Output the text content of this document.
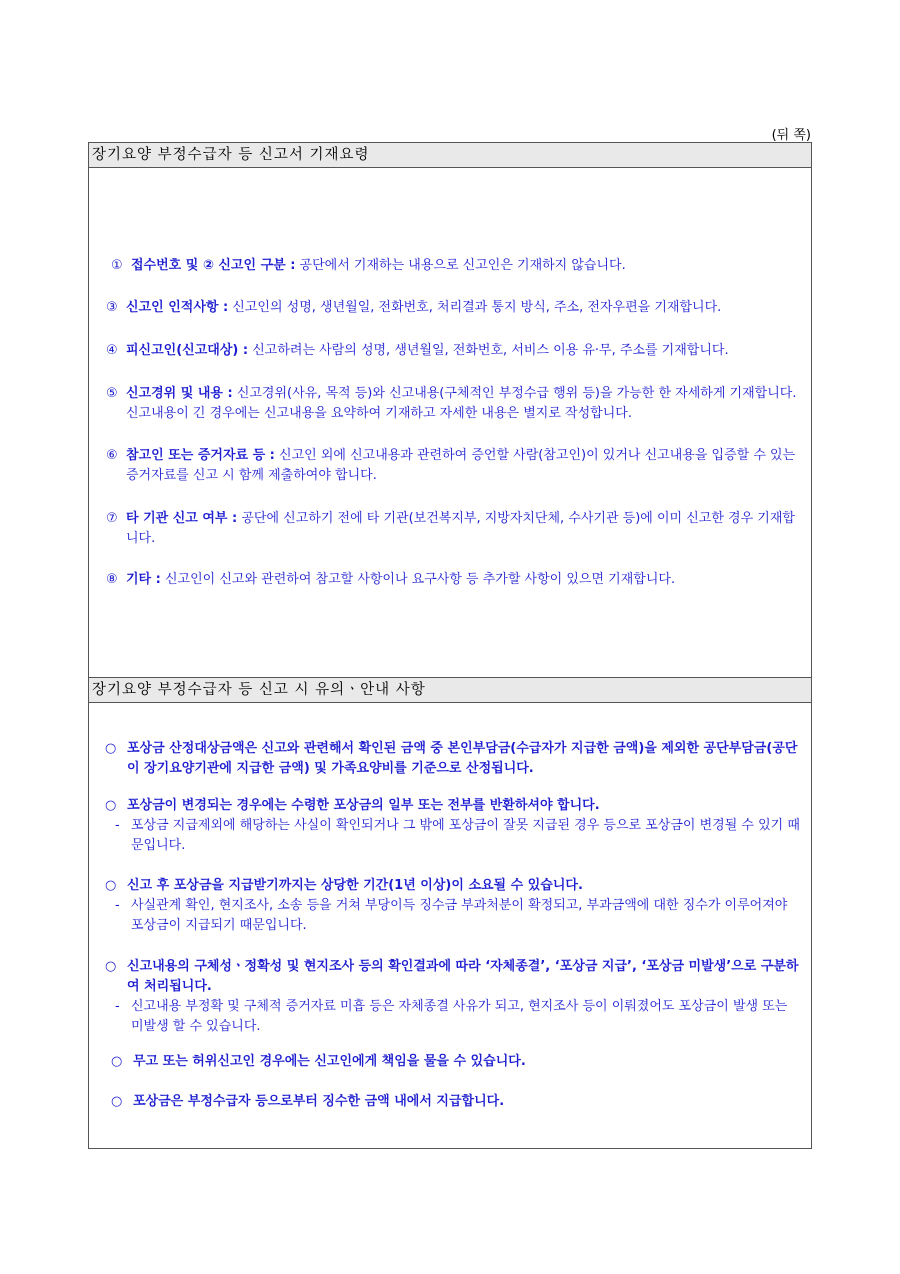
(뒤 쪽)
장기요양 부정수급자 등 신고서 기재요령
① 접수번호 및 ② 신고인 구분 : 공단에서 기재하는 내용으로 신고인은 기재하지 않습니다.
③ 신고인 인적사항 : 신고인의 성명, 생년월일, 전화번호, 처리결과 통지 방식, 주소, 전자우편을 기재합니다.
④ 피신고인(신고대상) : 신고하려는 사람의 성명, 생년월일, 전화번호, 서비스 이용 유·무, 주소를 기재합니다.
⑤ 신고경위 및 내용 : 신고경위(사유, 목적 등)와 신고내용(구체적인 부정수급 행위 등)을 가능한 한 자세하게 기재합니다. 신고내용이 긴 경우에는 신고내용을 요약하여 기재하고 자세한 내용은 별지로 작성합니다.
⑥ 참고인 또는 증거자료 등 : 신고인 외에 신고내용과 관련하여 증언할 사람(참고인)이 있거나 신고내용을 입증할 수 있는 증거자료를 신고 시 함께 제출하여야 합니다.
⑦ 타 기관 신고 여부 : 공단에 신고하기 전에 타 기관(보건복지부, 지방자치단체, 수사기관 등)에 이미 신고한 경우 기재합니다.
⑧ 기타 : 신고인이 신고와 관련하여 참고할 사항이나 요구사항 등 추가할 사항이 있으면 기재합니다.
장기요양 부정수급자 등 신고 시 유의ㆍ안내 사항
○ 포상금 산정대상금액은 신고와 관련해서 확인된 금액 중 본인부담금(수급자가 지급한 금액)을 제외한 공단부담금(공단이 장기요양기관에 지급한 금액) 및 가족요양비를 기준으로 산정됩니다.
○ 포상금이 변경되는 경우에는 수령한 포상금의 일부 또는 전부를 반환하셔야 합니다.
- 포상금 지급제외에 해당하는 사실이 확인되거나 그 밖에 포상금이 잘못 지급된 경우 등으로 포상금이 변경될 수 있기 때문입니다.
○ 신고 후 포상금을 지급받기까지는 상당한 기간(1년 이상)이 소요될 수 있습니다.
- 사실관계 확인, 현지조사, 소송 등을 거쳐 부당이득 징수금 부과처분이 확정되고, 부과금액에 대한 징수가 이루어져야 포상금이 지급되기 때문입니다.
○ 신고내용의 구체성ㆍ정확성 및 현지조사 등의 확인결과에 따라 ‘자체종결’, ‘포상금 지급’, ‘포상금 미발생’으로 구분하여 처리됩니다.
- 신고내용 부정확 및 구체적 증거자료 미흡 등은 자체종결 사유가 되고, 현지조사 등이 이뤄졌어도 포상금이 발생 또는 미발생 할 수 있습니다.
○ 무고 또는 허위신고인 경우에는 신고인에게 책임을 물을 수 있습니다.
○ 포상금은 부정수급자 등으로부터 징수한 금액 내에서 지급합니다.
